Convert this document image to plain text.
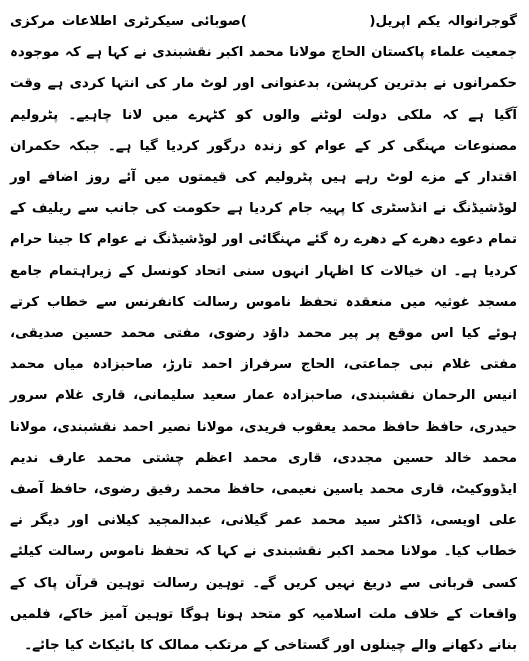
گوجرانوالہ یکم اپریل(                  )صوبائی سیکرٹری اطلاعات مرکزی جمعیت علماء پاکستان الحاج مولانا محمد اکبر نقشبندی نے کہا ہے کہ موجودہ حکمرانوں نے بدترین کرپشن، بدعنوانی اور لوٹ مار کی انتہا کردی ہے وقت آگیا ہے کہ ملکی دولت لوٹنے والوں کو کٹہرے میں لانا چاہیے۔ پٹرولیم مصنوعات مہنگی کر کے عوام کو زندہ درگور کردیا گیا ہے۔ جبکہ حکمران اقتدار کے مزے لوٹ رہے ہیں پٹرولیم کی قیمتوں میں آئے روز اضافے اور لوڈشیڈنگ نے انڈسٹری کا پہیہ جام کردیا ہے حکومت کی جانب سے ریلیف کے تمام دعوے دھرے کے دھرے رہ گئے مہنگائی اور لوڈشیڈنگ نے عوام کا جینا حرام کردیا ہے۔ ان خیالات کا اظہار انہوں سنی اتحاد کونسل کے زیراہتمام جامع مسجد غوثیہ میں منعقدہ تحفظ ناموس رسالت کانفرنس سے خطاب کرتے ہوئے کیا اس موقع پر پیر محمد داؤد رضوی، مفتی محمد حسین صدیقی، مفتی غلام نبی جماعتی، الحاج سرفراز احمد تارڑ، صاحبزادہ میاں محمد انیس الرحمان نقشبندی، صاحبزادہ عمار سعید سلیمانی، قاری غلام سرور حیدری، حافظ حافظ محمد یعقوب فریدی، مولانا نصیر احمد نقشبندی، مولانا محمد خالد حسین مجددی، قاری محمد اعظم چشتی محمد عارف ندیم ایڈووکیٹ، قاری محمد یاسین نعیمی، حافظ محمد رفیق رضوی، حافظ آصف علی اویسی، ڈاکٹر سید محمد عمر گیلانی، عبدالمجید کیلانی اور دیگر نے خطاب کیا۔ مولانا محمد اکبر نقشبندی نے کہا کہ تحفظ ناموس رسالت کیلئے کسی قربانی سے دریغ نہیں کریں گے۔ توہین رسالت توہین قرآن پاک کے واقعات کے خلاف ملت اسلامیہ کو متحد ہونا ہوگا توہین آمیز خاکے، فلمیں بنانے دکھانے والے چینلوں اور گستاخی کے مرتکب ممالک کا بائیکاٹ کیا جائے۔
